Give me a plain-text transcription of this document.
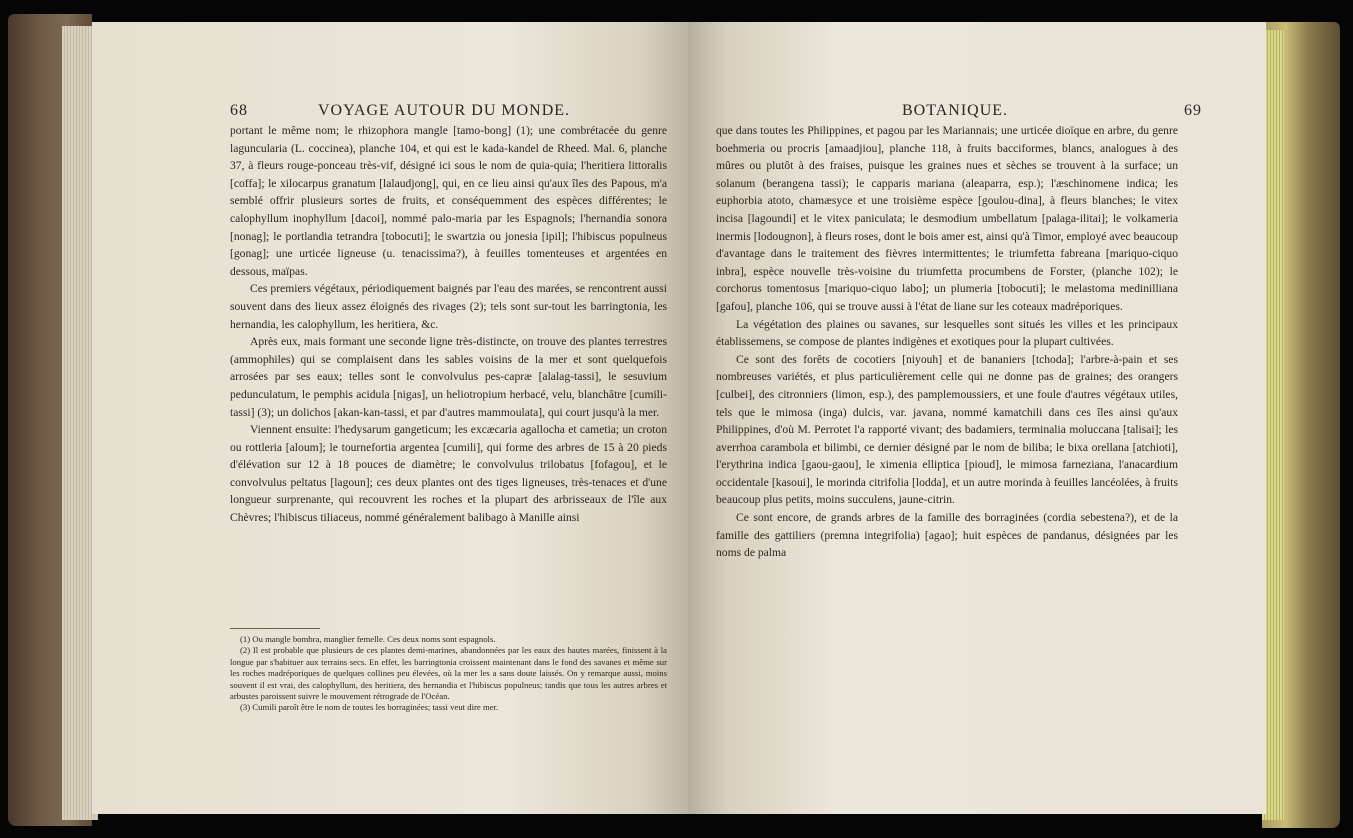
68	VOYAGE AUTOUR DU MONDE.

portant le même nom; le rhizophora mangle [tamo-bong] (1); une combrétacée du genre laguncularia (L. coccinea), planche 104, et qui est le kada-kandel de Rheed. Mal. 6, planche 37, à fleurs rouge-ponceau très-vif, désigné ici sous le nom de quia-quia; l'heritiera littoralis [coffa]; le xilocarpus granatum [lalaudjong], qui, en ce lieu ainsi qu'aux îles des Papous, m'a semblé offrir plusieurs sortes de fruits, et conséquemment des espèces différentes; le calophyllum inophyllum [dacoi], nommé palo-maria par les Espagnols; l'hernandia sonora [nonag]; le portlandia tetrandra [tobocuti]; le swartzia ou jonesia [ipil]; l'hibiscus populneus [gonag]; une urticée ligneuse (u. tenacissima?), à feuilles tomenteuses et argentées en dessous, maïpas.

Ces premiers végétaux, périodiquement baignés par l'eau des marées, se rencontrent aussi souvent dans des lieux assez éloignés des rivages (2); tels sont sur-tout les barringtonia, les hernandia, les calophyllum, les heritiera, &c.

Après eux, mais formant une seconde ligne très-distincte, on trouve des plantes terrestres (ammophiles) qui se complaisent dans les sables voisins de la mer et sont quelquefois arrosées par ses eaux; telles sont le convolvulus pes-capræ [alalag-tassi], le sesuvium pedunculatum, le pemphis acidula [nigas], un heliotropium herbacé, velu, blanchâtre [cumili-tassi] (3); un dolichos [akan-kan-tassi, et par d'autres mammoulata], qui court jusqu'à la mer.

Viennent ensuite: l'hedysarum gangeticum; les excæcaria agallocha et cametia; un croton ou rottleria [aloum]; le tournefortia argentea [cumili], qui forme des arbres de 15 à 20 pieds d'élévation sur 12 à 18 pouces de diamètre; le convolvulus trilobatus [fofagou], et le convolvulus peltatus [lagoun]; ces deux plantes ont des tiges ligneuses, très-tenaces et d'une longueur surprenante, qui recouvrent les roches et la plupart des arbrisseaux de l'île aux Chèvres; l'hibiscus tiliaceus, nommé généralement balibago à Manille ainsi

(1) Ou mangle bombra, manglier femelle. Ces deux noms sont espagnols.

(2) Il est probable que plusieurs de ces plantes demi-marines, abandonnées par les eaux des hautes marées, finissent à la longue par s'habituer aux terrains secs. En effet, les barringtonia croissent maintenant dans le fond des savanes et même sur les roches madréporiques de quelques collines peu élevées, où la mer les a sans doute laissés. On y remarque aussi, moins souvent il est vrai, des calophyllum, des heritiera, des hernandia et l'hibiscus populneus; tandis que tous les autres arbres et arbustes paroissent suivre le mouvement rétrograde de l'Océan.

(3) Cumili paroît être le nom de toutes les borraginées; tassi veut dire mer.

BOTANIQUE.	69

que dans toutes les Philippines, et pagou par les Mariannais; une urticée dioïque en arbre, du genre boehmeria ou procris [amaadjiou], planche 118, à fruits bacciformes, blancs, analogues à des mûres ou plutôt à des fraises, puisque les graines nues et sèches se trouvent à la surface; un solanum (berangena tassi); le capparis mariana (aleaparra, esp.); l'æschinomene indica; les euphorbia atoto, chamæsyce et une troisième espèce [goulou-dina], à fleurs blanches; le vitex incisa [lagoundi] et le vitex paniculata; le desmodium umbellatum [palaga-ilitai]; le volkameria inermis [lodougnon], à fleurs roses, dont le bois amer est, ainsi qu'à Timor, employé avec beaucoup d'avantage dans le traitement des fièvres intermittentes; le triumfetta fabreana [mariquo-ciquo inbra], espèce nouvelle très-voisine du triumfetta procumbens de Forster, (planche 102); le corchorus tomentosus [mariquo-ciquo labo]; un plumeria [tobocuti]; le melastoma medinilliana [gafou], planche 106, qui se trouve aussi à l'état de liane sur les coteaux madréporiques.

La végétation des plaines ou savanes, sur lesquelles sont situés les villes et les principaux établissemens, se compose de plantes indigènes et exotiques pour la plupart cultivées.

Ce sont des forêts de cocotiers [niyouh] et de bananiers [tchoda]; l'arbre-à-pain et ses nombreuses variétés, et plus particulièrement celle qui ne donne pas de graines; des orangers [culbei], des citronniers (limon, esp.), des pamplemoussiers, et une foule d'autres végétaux utiles, tels que le mimosa (inga) dulcis, var. javana, nommé kamatchili dans ces îles ainsi qu'aux Philippines, d'où M. Perrotet l'a rapporté vivant; des badamiers, terminalia moluccana [talisai]; les averrhoa carambola et bilimbi, ce dernier désigné par le nom de biliba; le bixa orellana [atchioti], l'erythrina indica [gaou-gaou], le ximenia elliptica [pioud], le mimosa farneziana, l'anacardium occidentale [kasoui], le morinda citrifolia [lodda], et un autre morinda à feuilles lancéolées, à fruits beaucoup plus petits, moins succulens, jaune-citrin.

Ce sont encore, de grands arbres de la famille des borraginées (cordia sebestena?), et de la famille des gattiliers (premna integrifolia) [agao]; huit espèces de pandanus, désignées par les noms de palma
